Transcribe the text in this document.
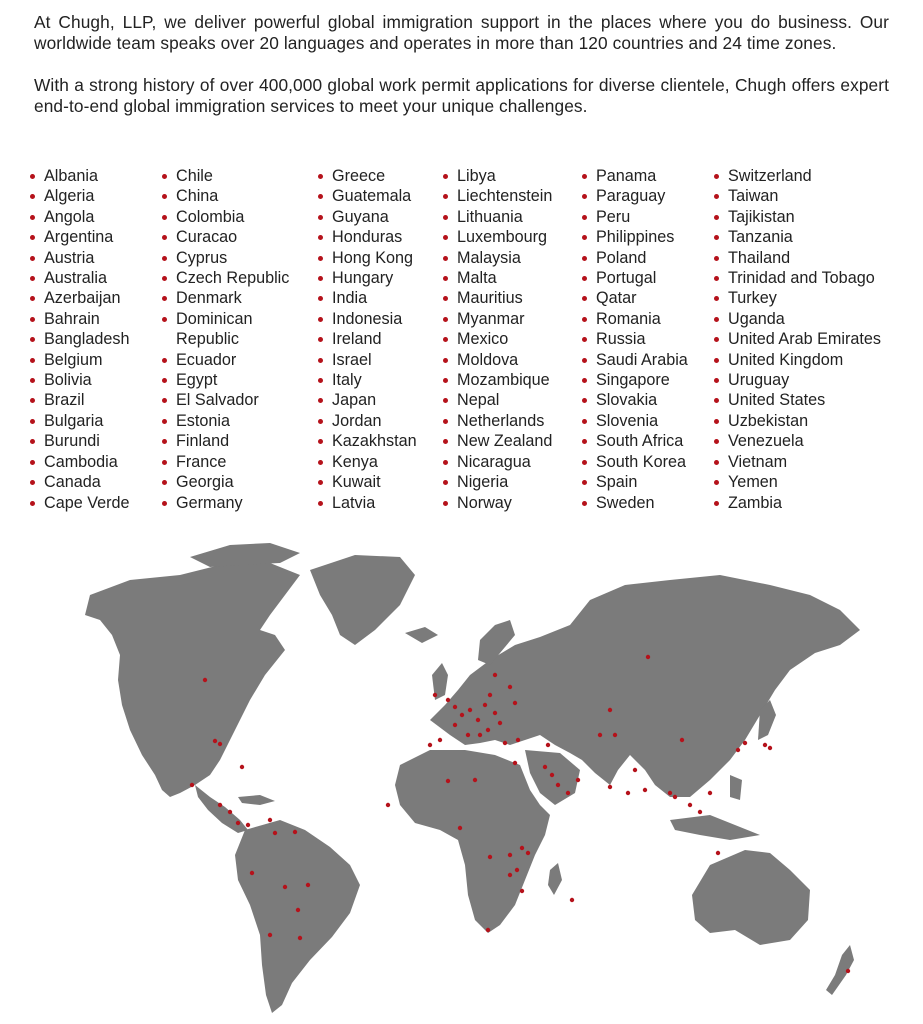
At Chugh, LLP, we deliver powerful global immigration support in the places where you do business. Our worldwide team speaks over 20 languages and operates in more than 120 countries and 24 time zones.

With a strong history of over 400,000 global work permit applications for diverse clientele, Chugh offers expert end-to-end global immigration services to meet your unique challenges.

Albania
Algeria
Angola
Argentina
Austria
Australia
Azerbaijan
Bahrain
Bangladesh
Belgium
Bolivia
Brazil
Bulgaria
Burundi
Cambodia
Canada
Cape Verde
Chile
China
Colombia
Curacao
Cyprus
Czech Republic
Denmark
Dominican Republic
Ecuador
Egypt
El Salvador
Estonia
Finland
France
Georgia
Germany
Greece
Guatemala
Guyana
Honduras
Hong Kong
Hungary
India
Indonesia
Ireland
Israel
Italy
Japan
Jordan
Kazakhstan
Kenya
Kuwait
Latvia
Libya
Liechtenstein
Lithuania
Luxembourg
Malaysia
Malta
Mauritius
Myanmar
Mexico
Moldova
Mozambique
Nepal
Netherlands
New Zealand
Nicaragua
Nigeria
Norway
Panama
Paraguay
Peru
Philippines
Poland
Portugal
Qatar
Romania
Russia
Saudi Arabia
Singapore
Slovakia
Slovenia
South Africa
South Korea
Spain
Sweden
Switzerland
Taiwan
Tajikistan
Tanzania
Thailand
Trinidad and Tobago
Turkey
Uganda
United Arab Emirates
United Kingdom
Uruguay
United States
Uzbekistan
Venezuela
Vietnam
Yemen
Zambia
